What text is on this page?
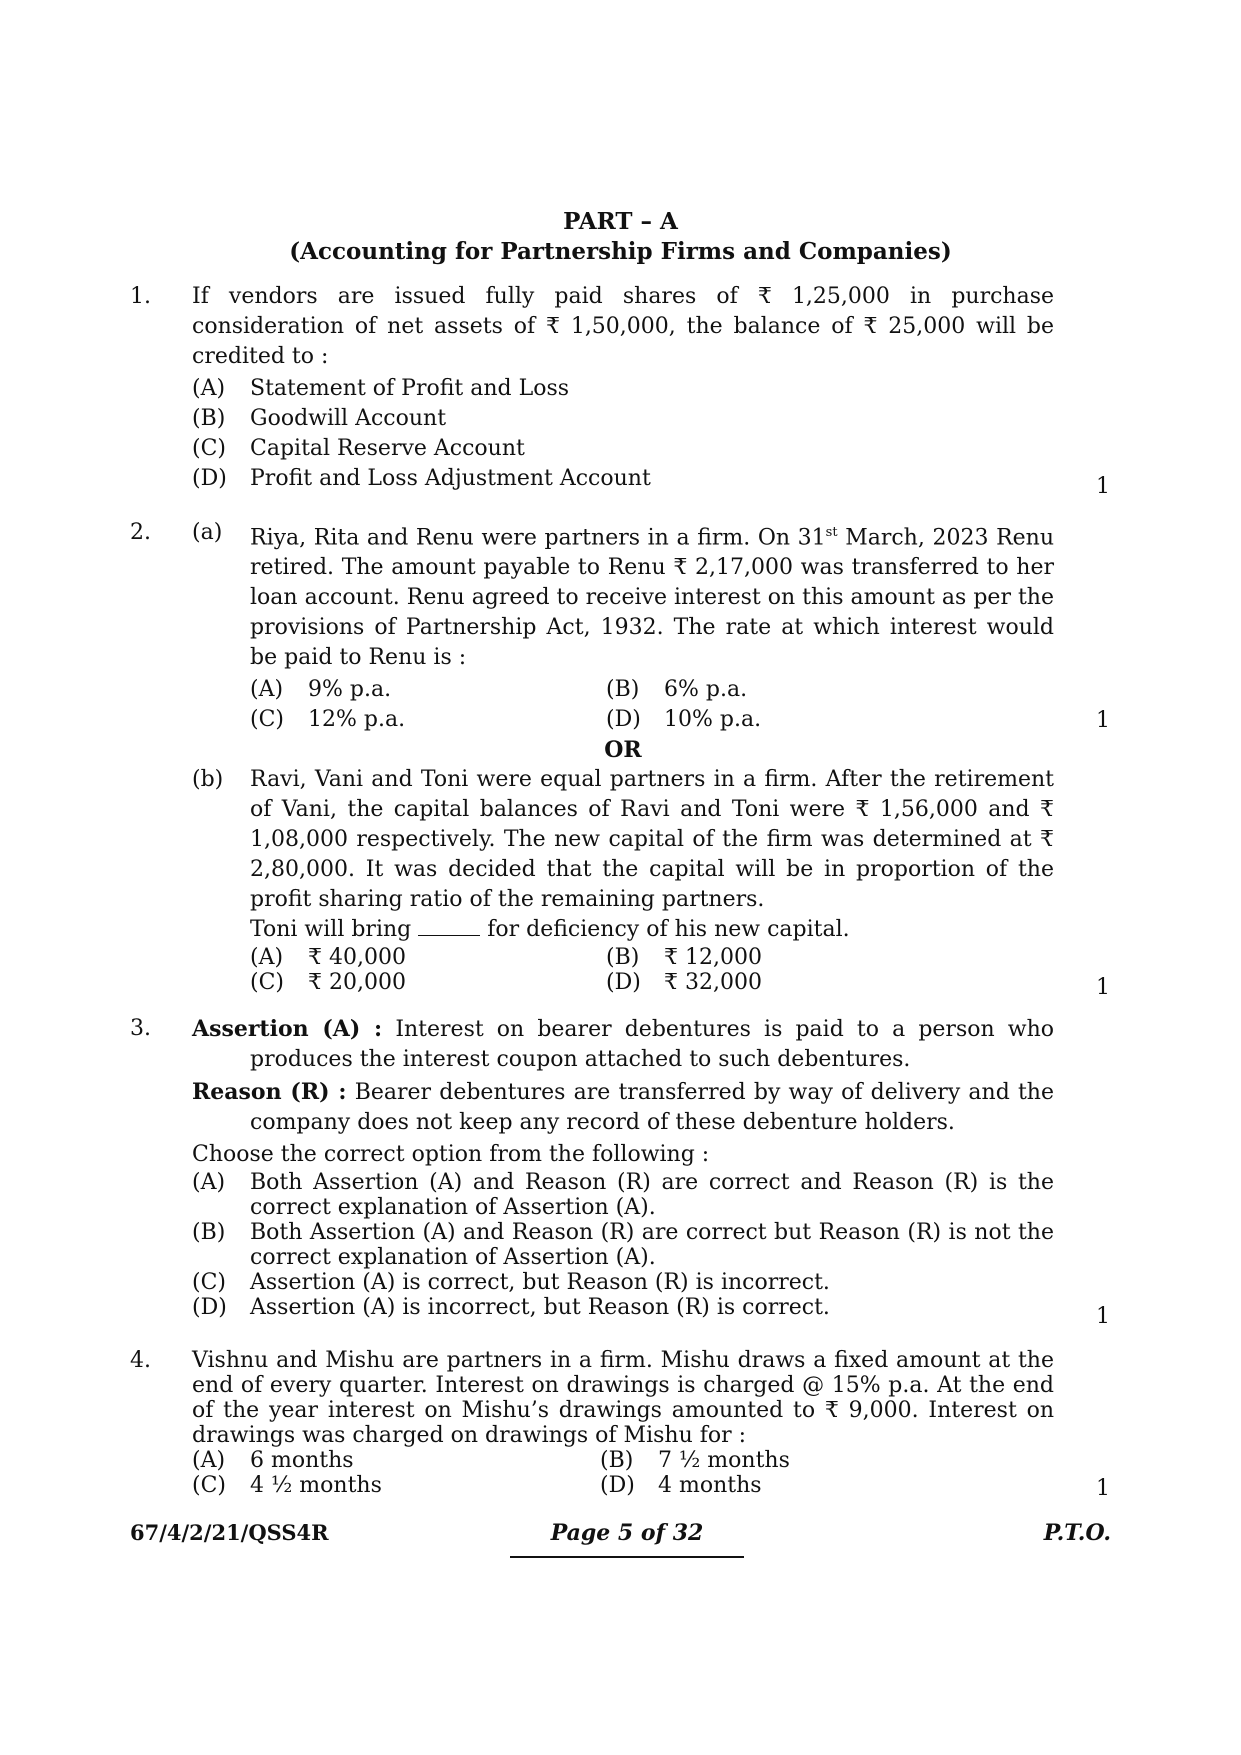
PART – A
(Accounting for Partnership Firms and Companies)
1. If vendors are issued fully paid shares of ₹ 1,25,000 in purchase consideration of net assets of ₹ 1,50,000, the balance of ₹ 25,000 will be credited to :
(A) Statement of Profit and Loss
(B) Goodwill Account
(C) Capital Reserve Account
(D) Profit and Loss Adjustment Account	1
2. (a) Riya, Rita and Renu were partners in a firm. On 31st March, 2023 Renu retired. The amount payable to Renu ₹ 2,17,000 was transferred to her loan account. Renu agreed to receive interest on this amount as per the provisions of Partnership Act, 1932. The rate at which interest would be paid to Renu is :
(A) 9% p.a.	(B) 6% p.a.
(C) 12% p.a.	(D) 10% p.a.
OR
(b) Ravi, Vani and Toni were equal partners in a firm. After the retirement of Vani, the capital balances of Ravi and Toni were ₹ 1,56,000 and ₹ 1,08,000 respectively. The new capital of the firm was determined at ₹ 2,80,000. It was decided that the capital will be in proportion of the profit sharing ratio of the remaining partners.
Toni will bring	for deficiency of his new capital.
(A) ₹ 40,000	(B) ₹ 12,000
(C) ₹ 20,000	(D) ₹ 32,000
1
1
3. Assertion (A) : Interest on bearer debentures is paid to a person who produces the interest coupon attached to such debentures.
Reason (R) : Bearer debentures are transferred by way of delivery and the company does not keep any record of these debenture holders.
Choose the correct option from the following :
(A) Both Assertion (A) and Reason (R) are correct and Reason (R) is the correct explanation of Assertion (A).
(B) Both Assertion (A) and Reason (R) are correct but Reason (R) is not the correct explanation of Assertion (A).
(C) Assertion (A) is correct, but Reason (R) is incorrect.
(D) Assertion (A) is incorrect, but Reason (R) is correct.	1
4. Vishnu and Mishu are partners in a firm. Mishu draws a fixed amount at the end of every quarter. Interest on drawings is charged @ 15% p.a. At the end of the year interest on Mishu’s drawings amounted to ₹ 9,000. Interest on drawings was charged on drawings of Mishu for :
(A) 6 months	(B) 7 ½ months
(C) 4 ½ months	(D) 4 months	1
67/4/2/21/QSS4R	Page 5 of 32	P.T.O.
